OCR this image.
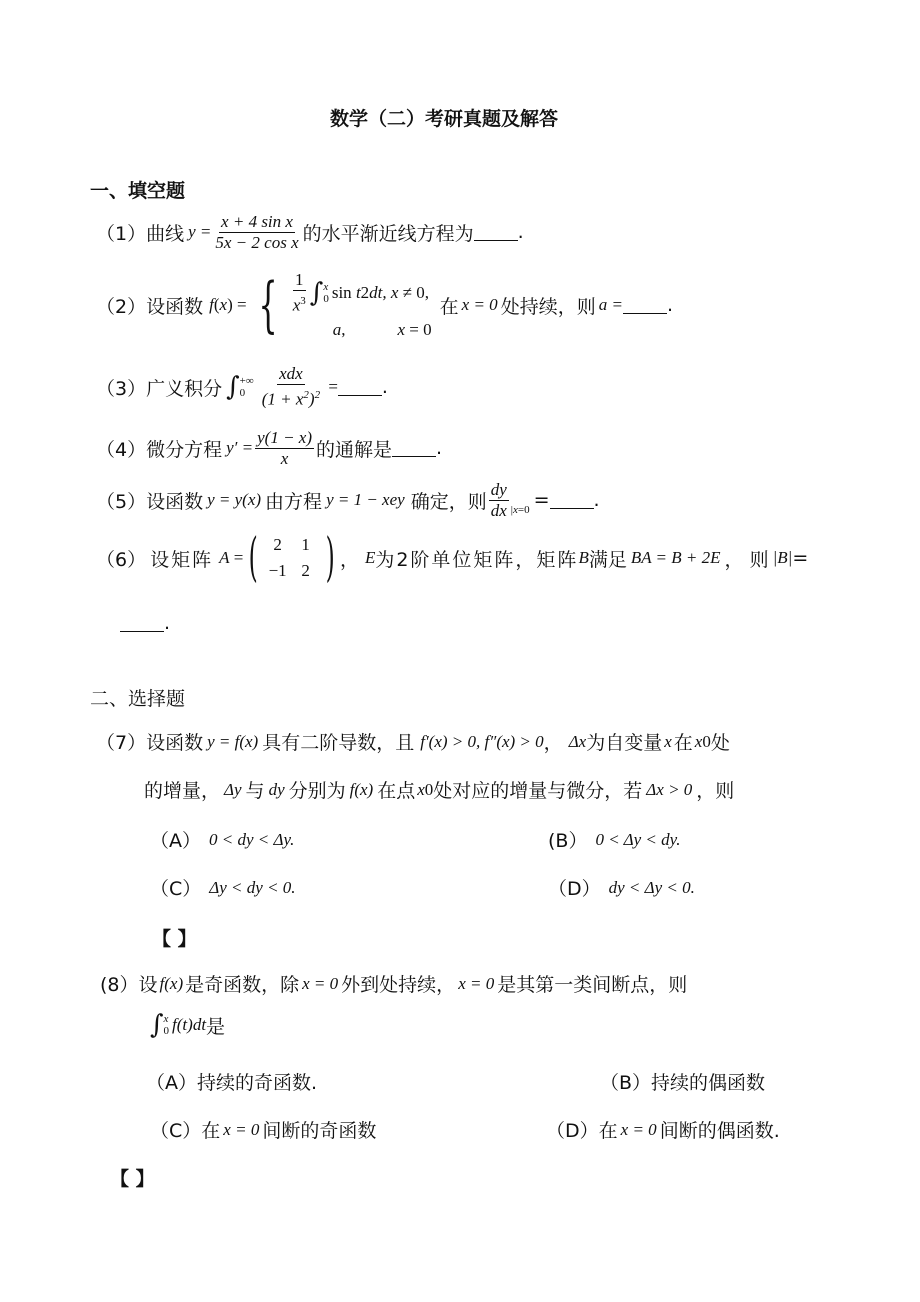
数学（二）考研真题及解答
一、填空题
（1） 曲线 $y = \frac{\text{x + 4 sin x}}{\text{5x − 2 cos x}}$ 的水平渐近线方程为 .
（2） 设函数 f ( x ) = { $\frac{1}{x^3}$ ∫ x
0 sin t 2 dt, x ≠ 0,
a ,	x = 0
在 x = 0 处持续，则 a = .
（3） 广义积分 ∫ +∞
$0 \frac{\text{xdx}}{(1 + x^2)^2}$ = .
（4） 微分方程 $y' = \frac{y(1 - x)}{x}$ 的通解是 .
（5） 设函数 y = y(x) 由方程 y = 1 − xe y 确定，则 $\frac{dy}{dx} |x=0$ = .
（6） 设矩阵 A = ( 2	1
−1 2 ) ， E 为2阶单位矩阵，矩阵 B 满足 BA = B + 2E ， 则 |B| =
.
二、选择题
（7） 设函数 y = f(x) 具有二阶导数，且 f′(x) > 0, f″(x) > 0 ， Δx 为自变量 x 在 x 0 处
的增量， Δy 与 dy 分别为 f(x) 在点 x 0 处对应的增量与微分，若 Δx > 0 ，则
（A） 0 < dy < Δy.	(B） 0 < Δy < dy.
（C） Δy < dy < 0.	（D） dy < Δy < 0.
【 】
(8） 设 f(x) 是奇函数，除 x = 0 外到处持续， x = 0 是其第一类间断点，则
∫ x
0 f(t)dt 是
（A） 持续的奇函数.	（B） 持续的偶函数
（C） 在 x = 0 间断的奇函数	（D） 在 x = 0 间断的偶函数.
【 】
